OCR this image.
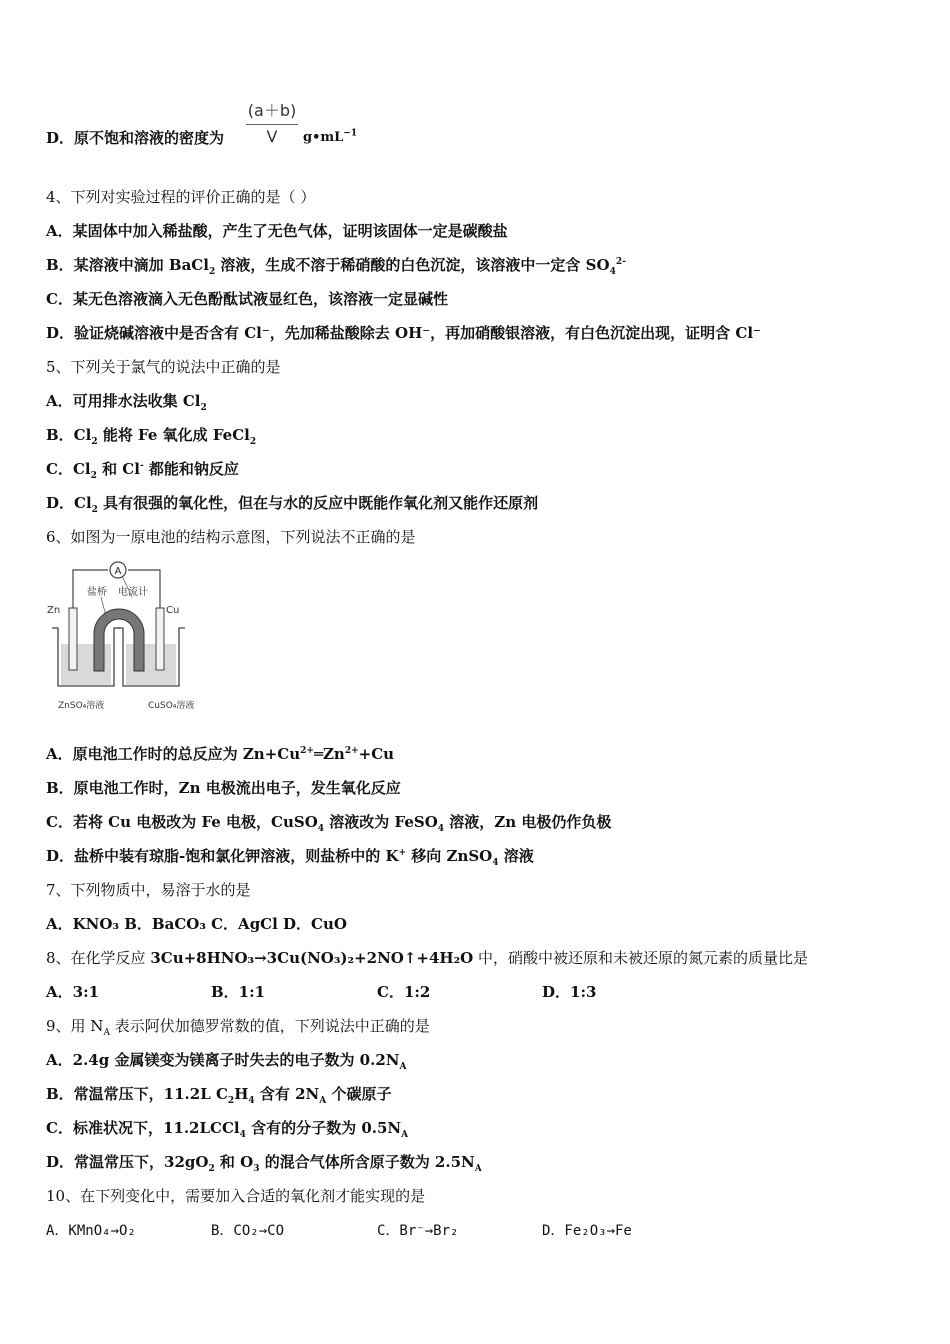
D．原不饱和溶液的密度为
(a＋b)
V	$g•mL^{-1}$
4、下列对实验过程的评价正确的是（ ）
A．某固体中加入稀盐酸，产生了无色气体，证明该固体一定是碳酸盐
B．某溶液中滴加 BaCl$_2$ 溶液，生成不溶于稀硝酸的白色沉淀，该溶液中一定含 $SO_4^{2-}$
C．某无色溶液滴入无色酚酞试液显红色，该溶液一定显碱性
D．验证烧碱溶液中是否含有 Cl⁻，先加稀盐酸除去 OH⁻，再加硝酸银溶液，有白色沉淀出现，证明含 Cl⁻
5、下列关于氯气的说法中正确的是
A．可用排水法收集 $Cl_2$
B．$Cl_2$ 能将 Fe 氧化成 FeCl$_2$
C．$Cl_2$ 和 Cl- 都能和钠反应
D．$Cl_2$ 具有很强的氧化性，但在与水的反应中既能作氧化剂又能作还原剂
6、如图为一原电池的结构示意图，下列说法不正确的是
A
盐桥 电流计
Zn	Cu
ZnSO₄溶液	CuSO₄溶液
A．原电池工作时的总反应为 $Zn+Cu^{2+}═Zn^{2+}+Cu$
B．原电池工作时，Zn 电极流出电子，发生氧化反应
C．若将 Cu 电极改为 Fe 电极，CuSO$_4$ 溶液改为 FeSO$_4$ 溶液，Zn 电极仍作负极
D．盐桥中装有琼脂-饱和氯化钾溶液，则盐桥中的 K+ 移向 ZnSO$_4$ 溶液
7、下列物质中，易溶于水的是
A．KNO₃ B．BaCO₃ C．AgCl D．CuO
8、在化学反应 3Cu+8HNO₃→3Cu(NO₃)₂+2NO↑+4H₂O 中，硝酸中被还原和未被还原的氮元素的质量比是
A．3:1	B．1:1	C．1:2	D．1:3
9、用 $N_A$ 表示阿伏加德罗常数的值，下列说法中正确的是
A．2.4g 金属镁变为镁离子时失去的电子数为 $0.2N_A$
B．常温常压下，11.2L $C_2H_4$ 含有 $2N_A$ 个碳原子
C．标准状况下，11.2LCCl$_4$ 含有的分子数为 $0.5N_A$
D．常温常压下，$32gO_2$ 和 $O_3$ 的混合气体所含原子数为 $2.5N_A$
10、在下列变化中，需要加入合适的氧化剂才能实现的是
A．KMnO₄→O₂	B．CO₂→CO	C．Br⁻→Br₂	D．Fe₂O₃→Fe
